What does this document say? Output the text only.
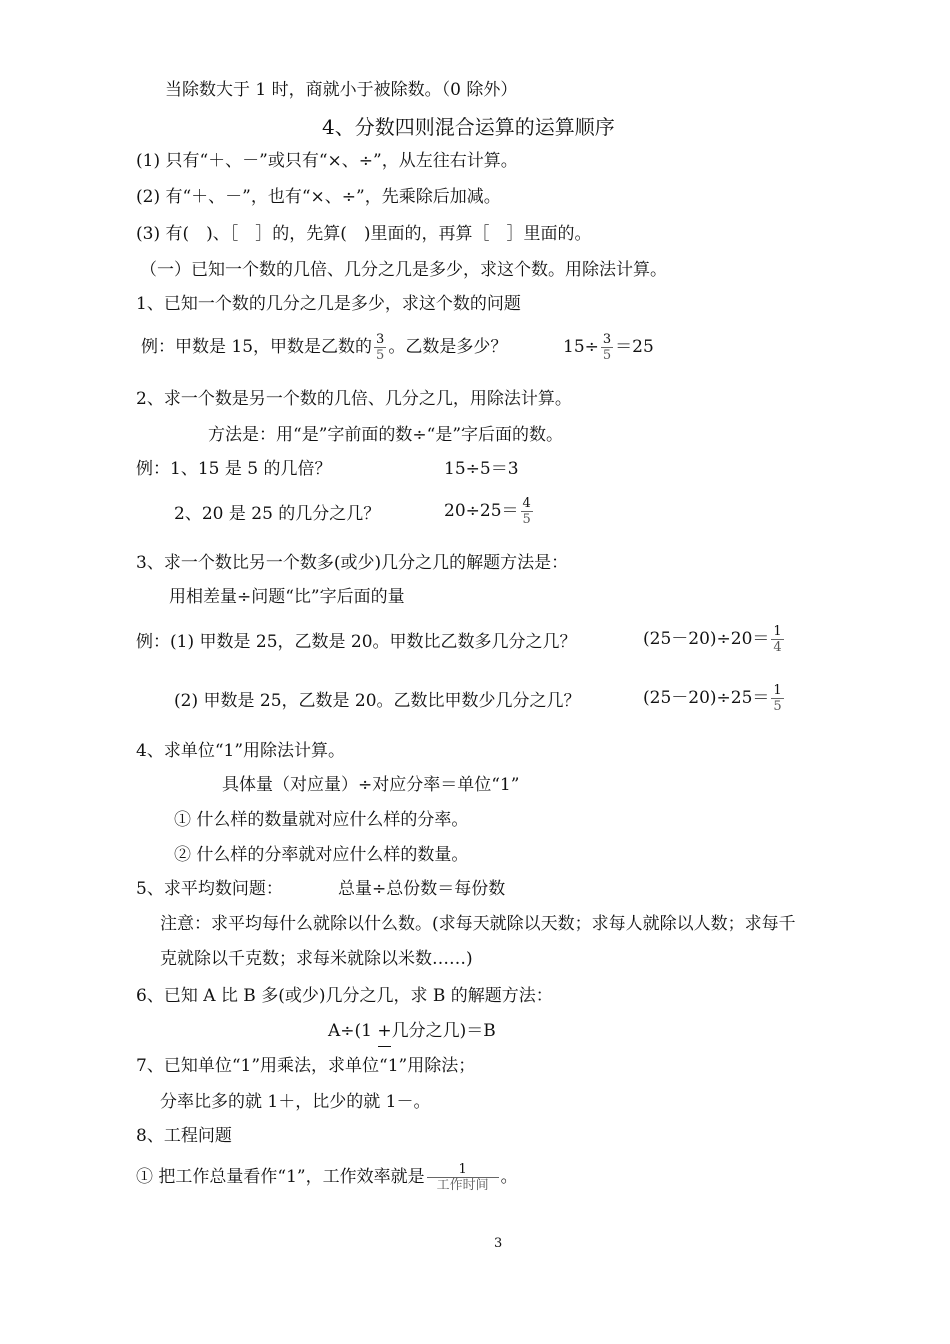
当除数大于 1 时，商就小于被除数。（0 除外）
4、分数四则混合运算的运算顺序
(1) 只有“＋、－”或只有“×、÷”，从左往右计算。
(2) 有“＋、－”，也有“×、÷”，先乘除后加减。
(3) 有(　)、［　］的，先算(　)里面的，再算［　］里面的。
（一）已知一个数的几倍、几分之几是多少，求这个数。用除法计算。
1、已知一个数的几分之几是多少，求这个数的问题
例：甲数是 15，甲数是乙数的 $\frac{3}{5}$ 。乙数是多少？	$15\div \frac{3}{5} =25$
2、求一个数是另一个数的几倍、几分之几，用除法计算。
方法是：用“是”字前面的数÷“是”字后面的数。
例：1、15 是 5 的几倍？	15÷5＝3
2、20 是 25 的几分之几？	$20\div 25= \frac{4}{5}$
3、求一个数比另一个数多(或少)几分之几的解题方法是：
用相差量÷问题“比”字后面的量
例：(1) 甲数是 25，乙数是 20。甲数比乙数多几分之几？	$(25-20)\div 20= \frac{1}{4}$
(2) 甲数是 25，乙数是 20。乙数比甲数少几分之几？	$(25-20)\div 25= \frac{1}{5}$
4、求单位“1”用除法计算。
具体量（对应量）÷对应分率＝单位“1”
① 什么样的数量就对应什么样的分率。
② 什么样的分率就对应什么样的数量。
5、求平均数问题：	总量÷总份数＝每份数
注意：求平均每什么就除以什么数。(求每天就除以天数；求每人就除以人数；求每千
克就除以千克数；求每米就除以米数……)
6、已知 A 比 B 多(或少)几分之几，求 B 的解题方法：
A÷(1 +
几分之几)＝B
7、已知单位“1”用乘法，求单位“1”用除法；
分率比多的就 1＋，比少的就 1－。
8、工程问题
① 把工作总量看作“1”，工作效率就是 $\frac{1}{\text{工作时间}}$ 。
3
